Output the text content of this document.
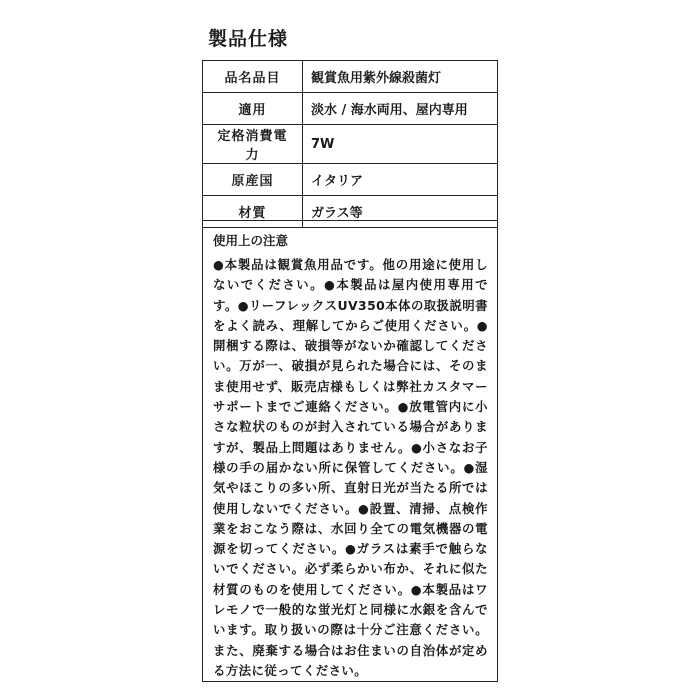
製品仕様
品名品目	観賞魚用紫外線殺菌灯
適用	淡水 / 海水両用、屋内専用
定格消費電力	7W
原産国	イタリア
材質	ガラス等
使用上の注意
●本製品は観賞魚用品です。他の用途に使用しないでください。●本製品は屋内使用専用です。●リーフレックスUV350本体の取扱説明書をよく読み、理解してからご使用ください。●開梱する際は、破損等がないか確認してください。万が一、破損が見られた場合には、そのまま使用せず、販売店様もしくは弊社カスタマーサポートまでご連絡ください。●放電管内に小さな粒状のものが封入されている場合がありますが、製品上問題はありません。●小さなお子様の手の届かない所に保管してください。●湿気やほこりの多い所、直射日光が当たる所では使用しないでください。●設置、清掃、点検作業をおこなう際は、水回り全ての電気機器の電源を切ってください。●ガラスは素手で触らないでください。必ず柔らかい布か、それに似た材質のものを使用してください。●本製品はワレモノで一般的な蛍光灯と同様に水銀を含んでいます。取り扱いの際は十分ご注意ください。また、廃棄する場合はお住まいの自治体が定める方法に従ってください。
